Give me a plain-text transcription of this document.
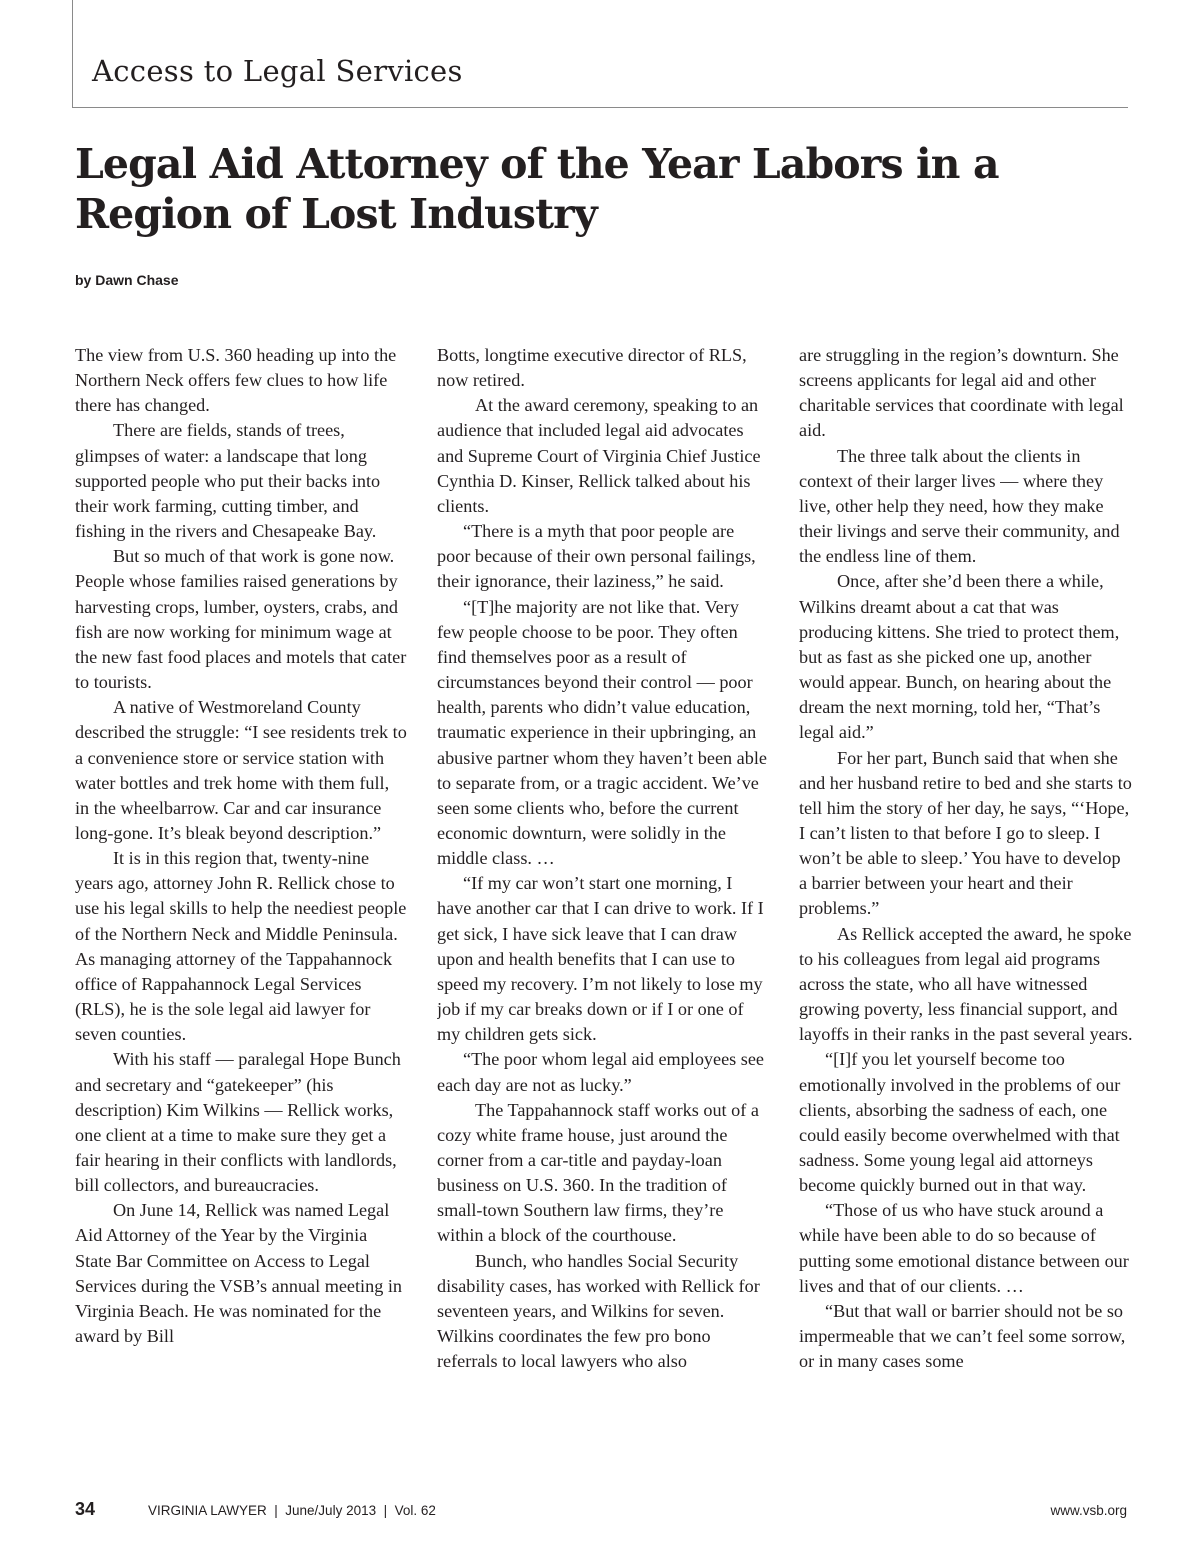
Access to Legal Services
Legal Aid Attorney of the Year Labors in a Region of Lost Industry

by Dawn Chase

The view from U.S. 360 heading up into the Northern Neck offers few clues to how life there has changed.

There are fields, stands of trees, glimpses of water: a landscape that long supported people who put their backs into their work farming, cutting timber, and fishing in the rivers and Chesapeake Bay.

But so much of that work is gone now. People whose families raised generations by harvesting crops, lumber, oysters, crabs, and fish are now working for minimum wage at the new fast food places and motels that cater to tourists.

A native of Westmoreland County described the struggle: “I see residents trek to a convenience store or service station with water bottles and trek home with them full, in the wheelbarrow. Car and car insurance long-gone. It’s bleak beyond description.”

It is in this region that, twenty-nine years ago, attorney John R. Rellick chose to use his legal skills to help the neediest people of the Northern Neck and Middle Peninsula. As managing attorney of the Tappahannock office of Rappahannock Legal Services (RLS), he is the sole legal aid lawyer for seven counties.

With his staff — paralegal Hope Bunch and secretary and “gatekeeper” (his description) Kim Wilkins — Rellick works, one client at a time to make sure they get a fair hearing in their conflicts with landlords, bill collectors, and bureaucracies.

On June 14, Rellick was named Legal Aid Attorney of the Year by the Virginia State Bar Committee on Access to Legal Services during the VSB’s annual meeting in Virginia Beach. He was nominated for the award by Bill

Botts, longtime executive director of RLS, now retired.

At the award ceremony, speaking to an audience that included legal aid advocates and Supreme Court of Virginia Chief Justice Cynthia D. Kinser, Rellick talked about his clients.

“There is a myth that poor people are poor because of their own personal failings, their ignorance, their laziness,” he said.

“[T]he majority are not like that. Very few people choose to be poor. They often find themselves poor as a result of circumstances beyond their control — poor health, parents who didn’t value education, traumatic experience in their upbringing, an abusive partner whom they haven’t been able to separate from, or a tragic accident. We’ve seen some clients who, before the current economic downturn, were solidly in the middle class. …

“If my car won’t start one morning, I have another car that I can drive to work. If I get sick, I have sick leave that I can draw upon and health benefits that I can use to speed my recovery. I’m not likely to lose my job if my car breaks down or if I or one of my children gets sick.

“The poor whom legal aid employees see each day are not as lucky.”

The Tappahannock staff works out of a cozy white frame house, just around the corner from a car-title and payday-loan business on U.S. 360. In the tradition of small-town Southern law firms, they’re within a block of the courthouse.

Bunch, who handles Social Security disability cases, has worked with Rellick for seventeen years, and Wilkins for seven. Wilkins coordinates the few pro bono referrals to local lawyers who also

are struggling in the region’s downturn. She screens applicants for legal aid and other charitable services that coordinate with legal aid.

The three talk about the clients in context of their larger lives — where they live, other help they need, how they make their livings and serve their community, and the endless line of them.

Once, after she’d been there a while, Wilkins dreamt about a cat that was producing kittens. She tried to protect them, but as fast as she picked one up, another would appear. Bunch, on hearing about the dream the next morning, told her, “That’s legal aid.”

For her part, Bunch said that when she and her husband retire to bed and she starts to tell him the story of her day, he says, “‘Hope, I can’t listen to that before I go to sleep. I won’t be able to sleep.’ You have to develop a barrier between your heart and their problems.”

As Rellick accepted the award, he spoke to his colleagues from legal aid programs across the state, who all have witnessed growing poverty, less financial support, and layoffs in their ranks in the past several years.

“[I]f you let yourself become too emotionally involved in the problems of our clients, absorbing the sadness of each, one could easily become overwhelmed with that sadness. Some young legal aid attorneys become quickly burned out in that way.

“Those of us who have stuck around a while have been able to do so because of putting some emotional distance between our lives and that of our clients. …

“But that wall or barrier should not be so impermeable that we can’t feel some sorrow, or in many cases some

34	VIRGINIA LAWYER  |  June/July 2013  |  Vol. 62	www.vsb.org
